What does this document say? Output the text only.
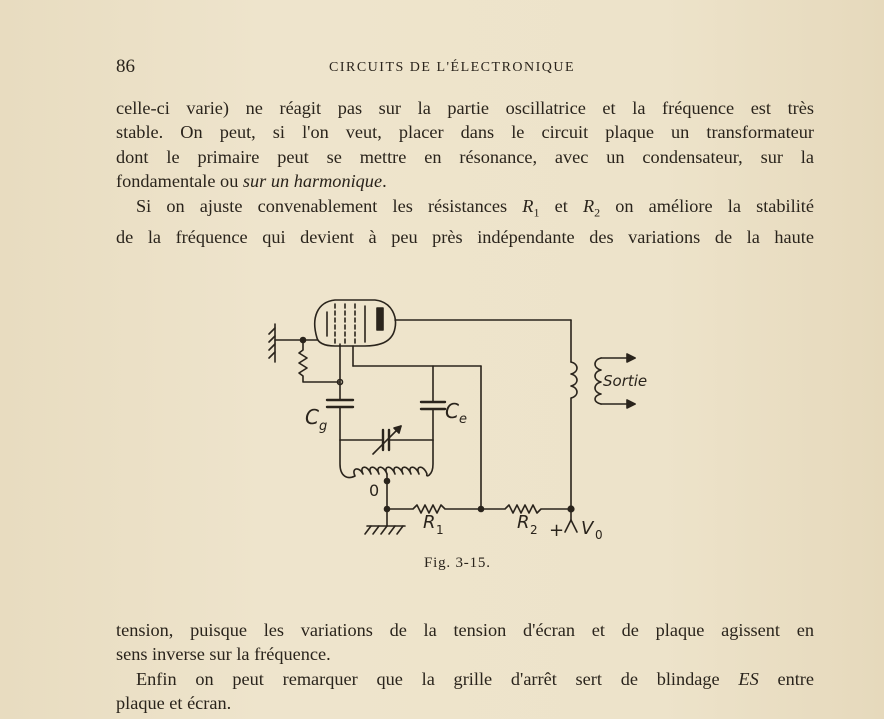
86	CIRCUITS DE L'ÉLECTRONIQUE
celle-ci varie) ne réagit pas sur la partie oscillatrice et la fréquence est très
stable. On peut, si l'on veut, placer dans le circuit plaque un transformateur
dont le primaire peut se mettre en résonance, avec un condensateur, sur la
fondamentale ou sur un harmonique.
Si on ajuste convenablement les résistances $R_1$ et $R_2$ on améliore la stabilité
de la fréquence qui devient à peu près indépendante des variations de la haute
C g
C e
Sortie
0
R 1	R 2 + V 0
Fig. 3-15.
tension, puisque les variations de la tension d'écran et de plaque agissent en
sens inverse sur la fréquence.
Enfin on peut remarquer que la grille d'arrêt sert de blindage ES entre
plaque et écran.
